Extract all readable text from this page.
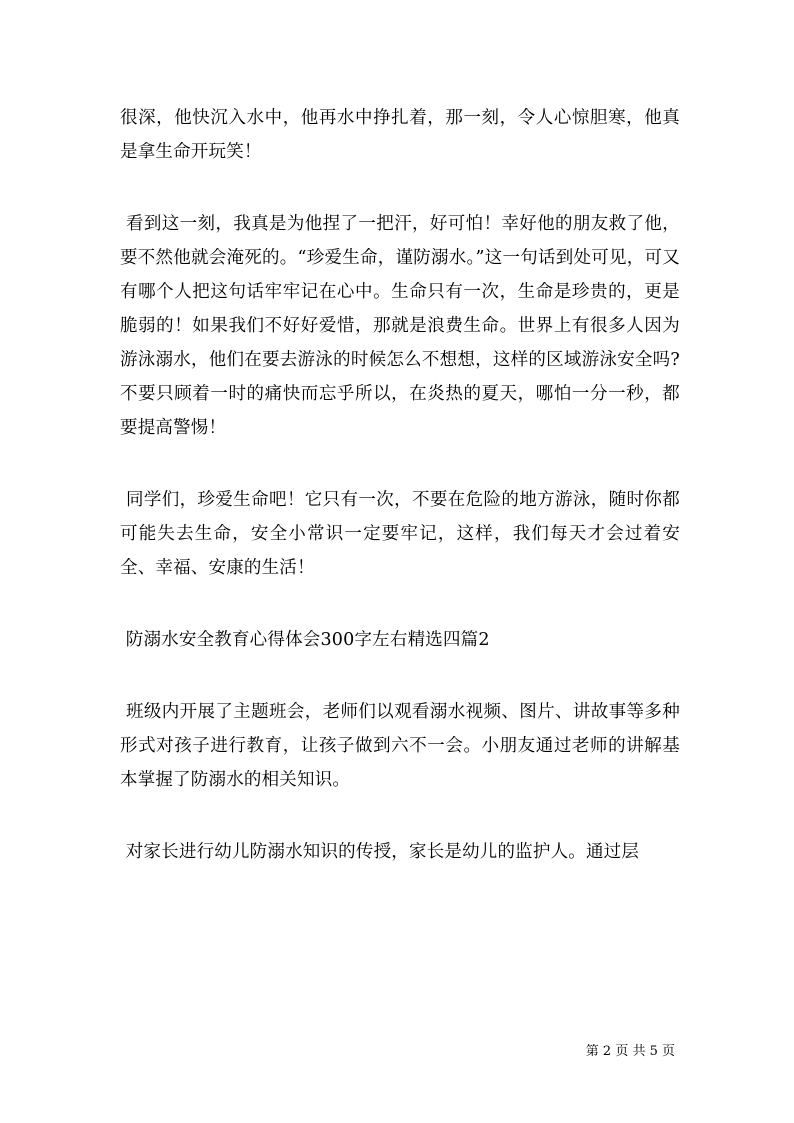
很深，他快沉入水中，他再水中挣扎着，那一刻，令人心惊胆寒，他真是拿生命开玩笑！

看到这一刻，我真是为他捏了一把汗，好可怕！幸好他的朋友救了他，要不然他就会淹死的。“珍爱生命，谨防溺水。”这一句话到处可见，可又有哪个人把这句话牢牢记在心中。生命只有一次，生命是珍贵的，更是脆弱的！如果我们不好好爱惜，那就是浪费生命。世界上有很多人因为游泳溺水，他们在要去游泳的时候怎么不想想，这样的区域游泳安全吗?不要只顾着一时的痛快而忘乎所以，在炎热的夏天，哪怕一分一秒，都要提高警惕！

同学们，珍爱生命吧！它只有一次，不要在危险的地方游泳，随时你都可能失去生命，安全小常识一定要牢记，这样，我们每天才会过着安全、幸福、安康的生活！

防溺水安全教育心得体会300字左右精选四篇2

班级内开展了主题班会，老师们以观看溺水视频、图片、讲故事等多种形式对孩子进行教育，让孩子做到六不一会。小朋友通过老师的讲解基本掌握了防溺水的相关知识。

对家长进行幼儿防溺水知识的传授，家长是幼儿的监护人。通过层

第 2 页 共 5 页
